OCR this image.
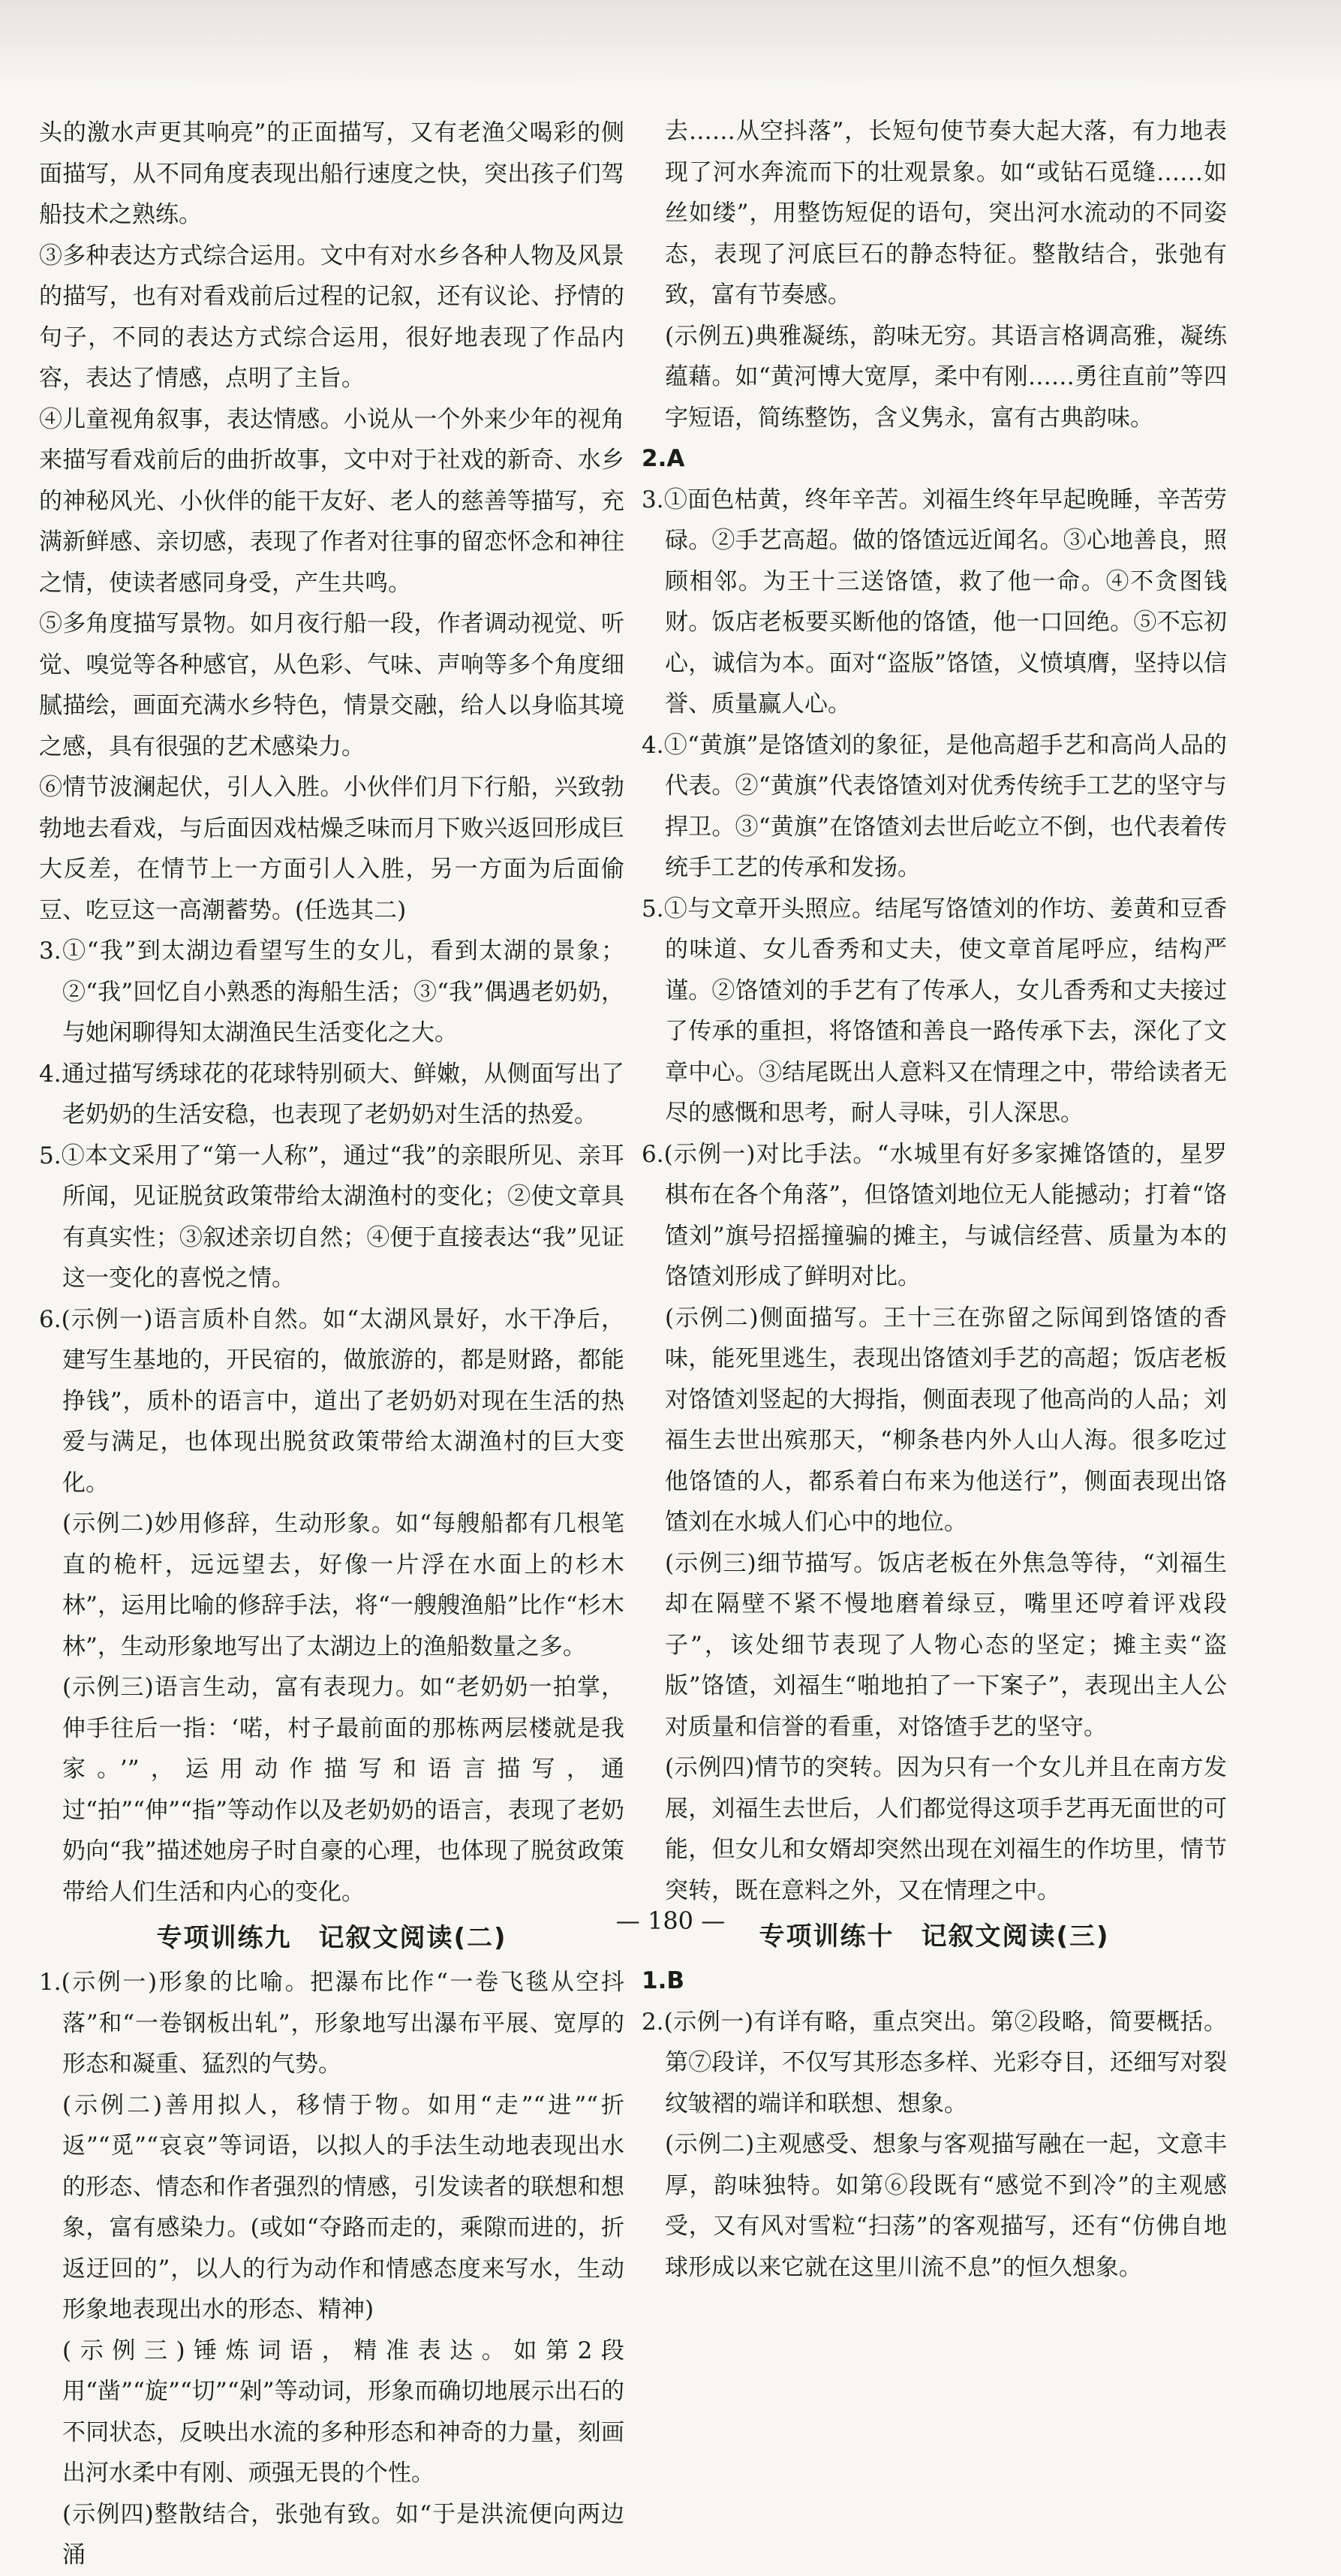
头的激水声更其响亮”的正面描写，又有老渔父喝彩的侧面描写，从不同角度表现出船行速度之快，突出孩子们驾船技术之熟练。

③多种表达方式综合运用。文中有对水乡各种人物及风景的描写，也有对看戏前后过程的记叙，还有议论、抒情的句子，不同的表达方式综合运用，很好地表现了作品内容，表达了情感，点明了主旨。

④儿童视角叙事，表达情感。小说从一个外来少年的视角来描写看戏前后的曲折故事，文中对于社戏的新奇、水乡的神秘风光、小伙伴的能干友好、老人的慈善等描写，充满新鲜感、亲切感，表现了作者对往事的留恋怀念和神往之情，使读者感同身受，产生共鸣。

⑤多角度描写景物。如月夜行船一段，作者调动视觉、听觉、嗅觉等各种感官，从色彩、气味、声响等多个角度细腻描绘，画面充满水乡特色，情景交融，给人以身临其境之感，具有很强的艺术感染力。

⑥情节波澜起伏，引人入胜。小伙伴们月下行船，兴致勃勃地去看戏，与后面因戏枯燥乏味而月下败兴返回形成巨大反差，在情节上一方面引人入胜，另一方面为后面偷豆、吃豆这一高潮蓄势。(任选其二)

3.①“我”到太湖边看望写生的女儿，看到太湖的景象；②“我”回忆自小熟悉的海船生活；③“我”偶遇老奶奶，与她闲聊得知太湖渔民生活变化之大。

4.通过描写绣球花的花球特别硕大、鲜嫩，从侧面写出了老奶奶的生活安稳，也表现了老奶奶对生活的热爱。

5.①本文采用了“第一人称”，通过“我”的亲眼所见、亲耳所闻，见证脱贫政策带给太湖渔村的变化；②使文章具有真实性；③叙述亲切自然；④便于直接表达“我”见证这一变化的喜悦之情。

6.(示例一)语言质朴自然。如“太湖风景好，水干净后，建写生基地的，开民宿的，做旅游的，都是财路，都能挣钱”，质朴的语言中，道出了老奶奶对现在生活的热爱与满足，也体现出脱贫政策带给太湖渔村的巨大变化。

(示例二)妙用修辞，生动形象。如“每艘船都有几根笔直的桅杆，远远望去，好像一片浮在水面上的杉木林”，运用比喻的修辞手法，将“一艘艘渔船”比作“杉木林”，生动形象地写出了太湖边上的渔船数量之多。

(示例三)语言生动，富有表现力。如“老奶奶一拍掌，伸手往后一指：‘喏，村子最前面的那栋两层楼就是我家。’”，运用动作描写和语言描写，通过“拍”“伸”“指”等动作以及老奶奶的语言，表现了老奶奶向“我”描述她房子时自豪的心理，也体现了脱贫政策带给人们生活和内心的变化。

专项训练九　记叙文阅读(二)

1.(示例一)形象的比喻。把瀑布比作“一卷飞毯从空抖落”和“一卷钢板出轧”，形象地写出瀑布平展、宽厚的形态和凝重、猛烈的气势。

(示例二)善用拟人，移情于物。如用“走”“进”“折返”“觅”“哀哀”等词语，以拟人的手法生动地表现出水的形态、情态和作者强烈的情感，引发读者的联想和想象，富有感染力。(或如“夺路而走的，乘隙而进的，折返迂回的”，以人的行为动作和情感态度来写水，生动形象地表现出水的形态、精神)

(示例三)锤炼词语，精准表达。如第2段用“凿”“旋”“切”“剁”等动词，形象而确切地展示出石的不同状态，反映出水流的多种形态和神奇的力量，刻画出河水柔中有刚、顽强无畏的个性。

(示例四)整散结合，张弛有致。如“于是洪流便向两边涌

去……从空抖落”，长短句使节奏大起大落，有力地表现了河水奔流而下的壮观景象。如“或钻石觅缝……如丝如缕”，用整饬短促的语句，突出河水流动的不同姿态，表现了河底巨石的静态特征。整散结合，张弛有致，富有节奏感。

(示例五)典雅凝练，韵味无穷。其语言格调高雅，凝练蕴藉。如“黄河博大宽厚，柔中有刚……勇往直前”等四字短语，简练整饬，含义隽永，富有古典韵味。

2.A

3.①面色枯黄，终年辛苦。刘福生终年早起晚睡，辛苦劳碌。②手艺高超。做的饹馇远近闻名。③心地善良，照顾相邻。为王十三送饹馇，救了他一命。④不贪图钱财。饭店老板要买断他的饹馇，他一口回绝。⑤不忘初心，诚信为本。面对“盗版”饹馇，义愤填膺，坚持以信誉、质量赢人心。

4.①“黄旗”是饹馇刘的象征，是他高超手艺和高尚人品的代表。②“黄旗”代表饹馇刘对优秀传统手工艺的坚守与捍卫。③“黄旗”在饹馇刘去世后屹立不倒，也代表着传统手工艺的传承和发扬。

5.①与文章开头照应。结尾写饹馇刘的作坊、姜黄和豆香的味道、女儿香秀和丈夫，使文章首尾呼应，结构严谨。②饹馇刘的手艺有了传承人，女儿香秀和丈夫接过了传承的重担，将饹馇和善良一路传承下去，深化了文章中心。③结尾既出人意料又在情理之中，带给读者无尽的感慨和思考，耐人寻味，引人深思。

6.(示例一)对比手法。“水城里有好多家摊饹馇的，星罗棋布在各个角落”，但饹馇刘地位无人能撼动；打着“饹馇刘”旗号招摇撞骗的摊主，与诚信经营、质量为本的饹馇刘形成了鲜明对比。

(示例二)侧面描写。王十三在弥留之际闻到饹馇的香味，能死里逃生，表现出饹馇刘手艺的高超；饭店老板对饹馇刘竖起的大拇指，侧面表现了他高尚的人品；刘福生去世出殡那天，“柳条巷内外人山人海。很多吃过他饹馇的人，都系着白布来为他送行”，侧面表现出饹馇刘在水城人们心中的地位。

(示例三)细节描写。饭店老板在外焦急等待，“刘福生却在隔壁不紧不慢地磨着绿豆，嘴里还哼着评戏段子”，该处细节表现了人物心态的坚定；摊主卖“盗版”饹馇，刘福生“啪地拍了一下案子”，表现出主人公对质量和信誉的看重，对饹馇手艺的坚守。

(示例四)情节的突转。因为只有一个女儿并且在南方发展，刘福生去世后，人们都觉得这项手艺再无面世的可能，但女儿和女婿却突然出现在刘福生的作坊里，情节突转，既在意料之外，又在情理之中。

专项训练十　记叙文阅读(三)

1.B

2.(示例一)有详有略，重点突出。第②段略，简要概括。第⑦段详，不仅写其形态多样、光彩夺目，还细写对裂纹皱褶的端详和联想、想象。

(示例二)主观感受、想象与客观描写融在一起，文意丰厚，韵味独特。如第⑥段既有“感觉不到冷”的主观感受，又有风对雪粒“扫荡”的客观描写，还有“仿佛自地球形成以来它就在这里川流不息”的恒久想象。

— 180 —
